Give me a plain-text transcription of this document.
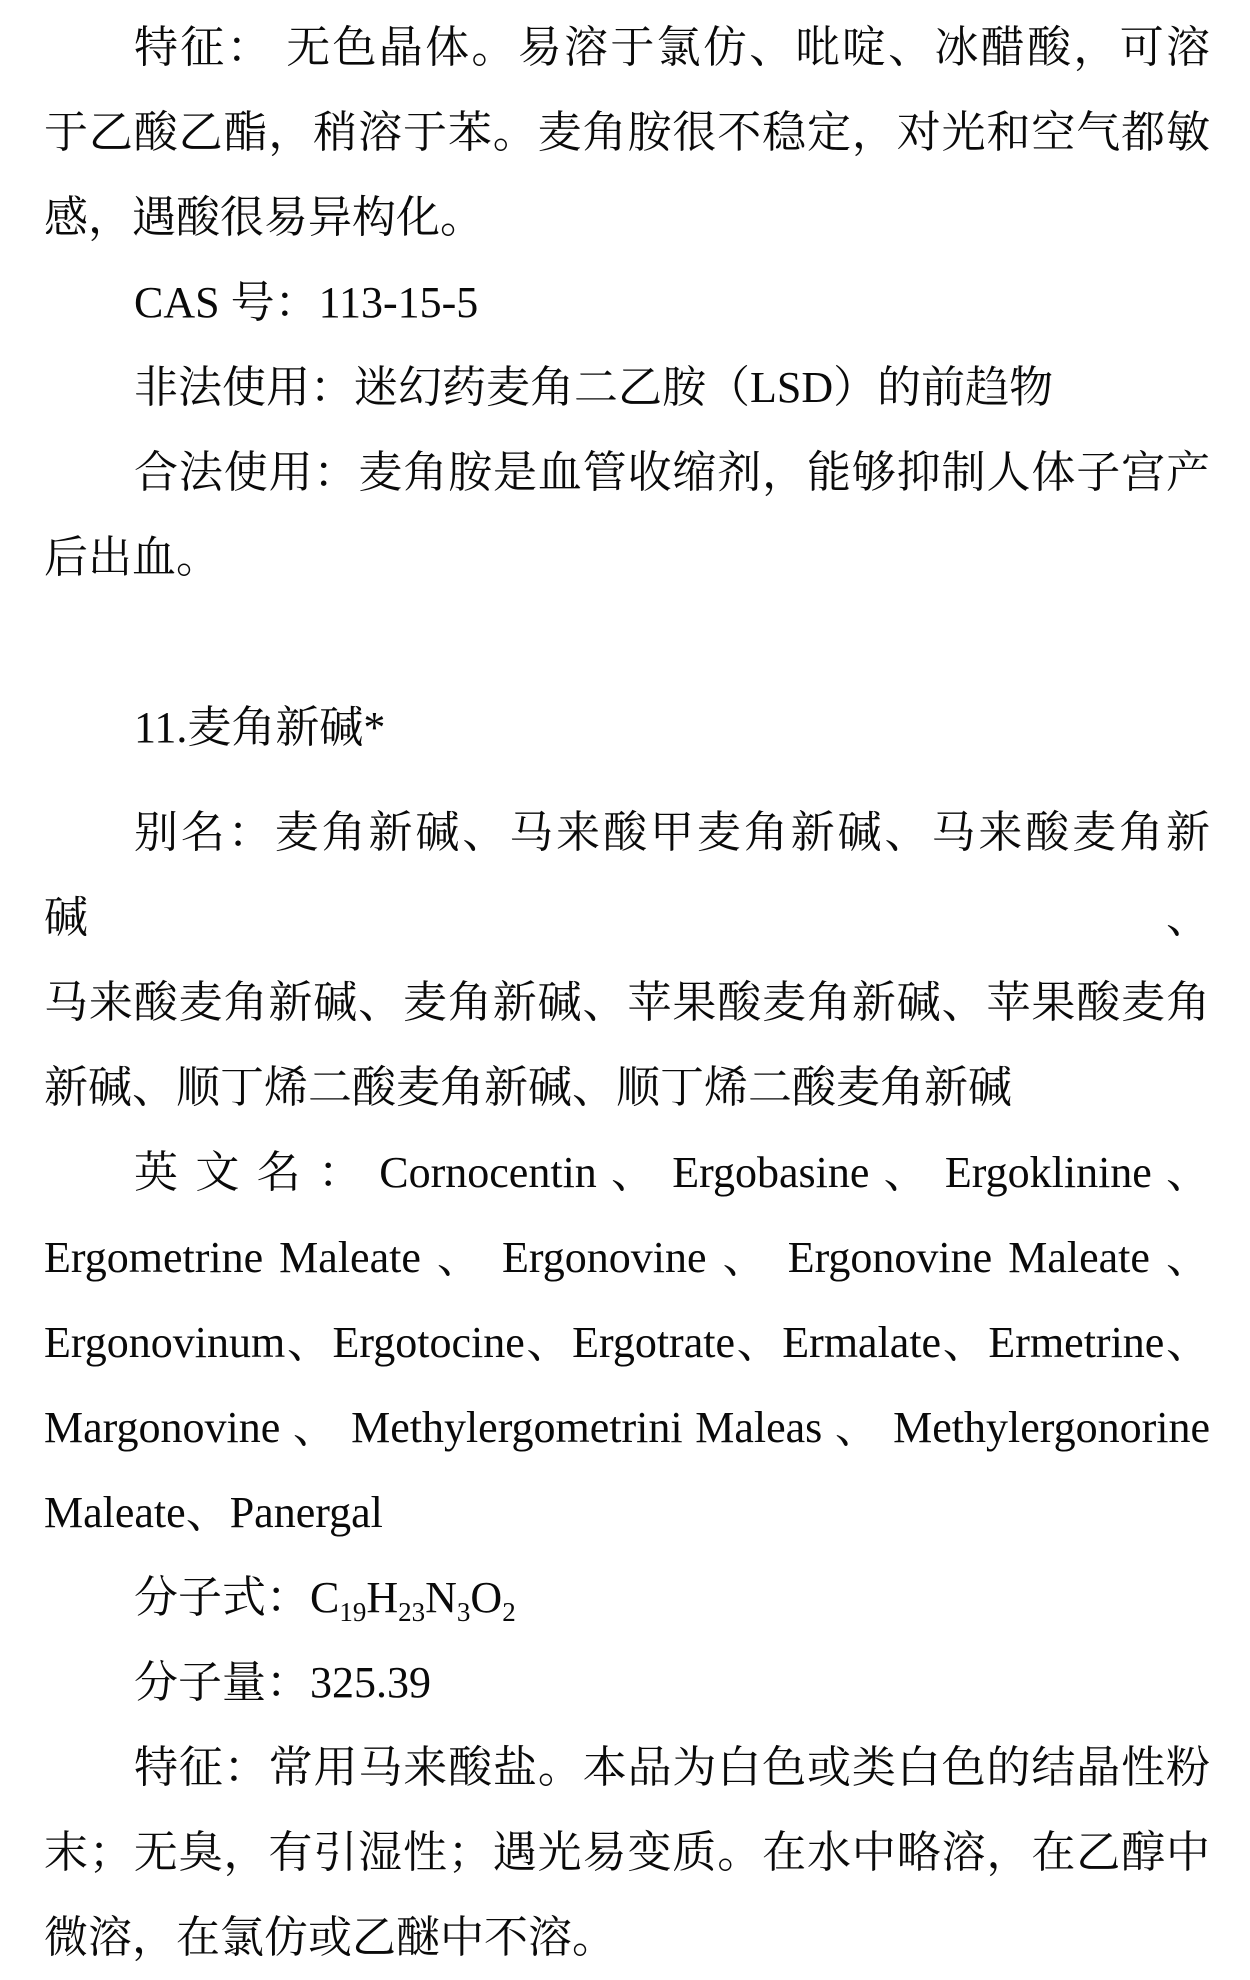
特征： 无色晶体。易溶于氯仿、吡啶、冰醋酸，可溶
于乙酸乙酯，稍溶于苯。麦角胺很不稳定，对光和空气都敏
感，遇酸很易异构化。
CAS 号：113-15-5
非法使用：迷幻药麦角二乙胺（LSD）的前趋物
合法使用：麦角胺是血管收缩剂，能够抑制人体子宫产
后出血。
11.麦角新碱*
别名：麦角新碱、马来酸甲麦角新碱、马来酸麦角新碱、
马来酸麦角新碱、麦角新碱、苹果酸麦角新碱、苹果酸麦角
新碱、顺丁烯二酸麦角新碱、顺丁烯二酸麦角新碱
英 文 名 ： Cornocentin 、 Ergobasine 、 Ergoklinine 、
Ergometrine Maleate 、 Ergonovine 、 Ergonovine Maleate 、
Ergonovinum、Ergotocine、Ergotrate、Ermalate、Ermetrine、
Margonovine 、 Methylergometrini Maleas 、 Methylergonorine
Maleate、Panergal
分子式：$C_{19}H_{23}N_3O_2$
分子量：325.39
特征：常用马来酸盐。本品为白色或类白色的结晶性粉
末；无臭，有引湿性；遇光易变质。在水中略溶，在乙醇中
微溶，在氯仿或乙醚中不溶。
